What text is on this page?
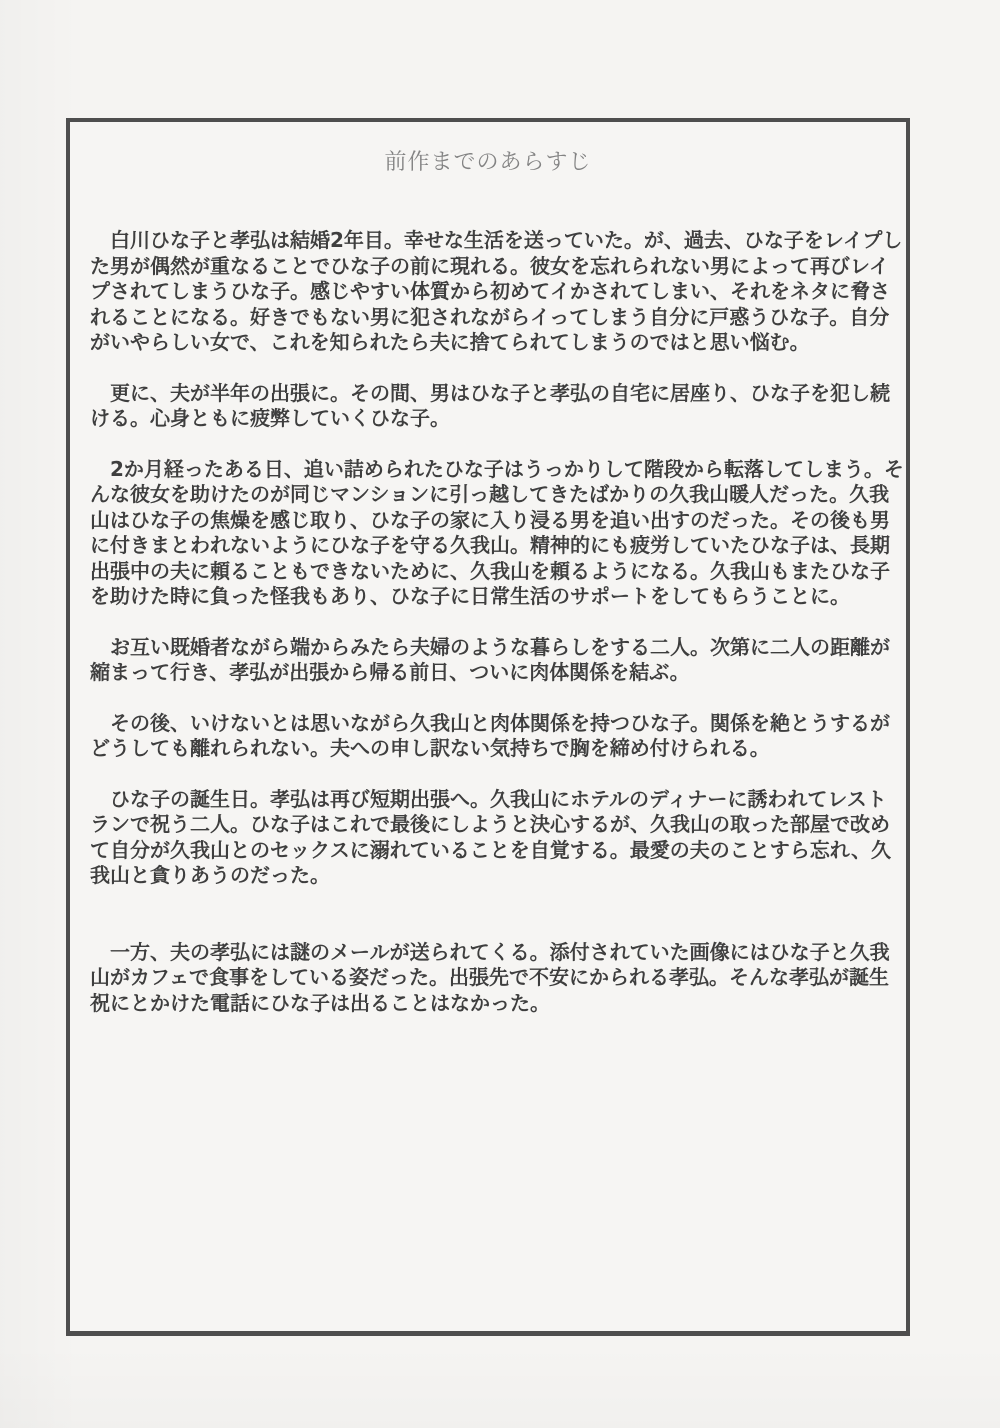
前作までのあらすじ

白川ひな子と孝弘は結婚2年目。幸せな生活を送っていた。が、過去、ひな子をレイプした男が偶然が重なることでひな子の前に現れる。彼女を忘れられない男によって再びレイプされてしまうひな子。感じやすい体質から初めてイかされてしまい、それをネタに脅されることになる。好きでもない男に犯されながらイってしまう自分に戸惑うひな子。自分がいやらしい女で、これを知られたら夫に捨てられてしまうのではと思い悩む。

更に、夫が半年の出張に。その間、男はひな子と孝弘の自宅に居座り、ひな子を犯し続ける。心身ともに疲弊していくひな子。

2か月経ったある日、追い詰められたひな子はうっかりして階段から転落してしまう。そんな彼女を助けたのが同じマンションに引っ越してきたばかりの久我山暖人だった。久我山はひな子の焦燥を感じ取り、ひな子の家に入り浸る男を追い出すのだった。その後も男に付きまとわれないようにひな子を守る久我山。精神的にも疲労していたひな子は、長期出張中の夫に頼ることもできないために、久我山を頼るようになる。久我山もまたひな子を助けた時に負った怪我もあり、ひな子に日常生活のサポートをしてもらうことに。

お互い既婚者ながら端からみたら夫婦のような暮らしをする二人。次第に二人の距離が縮まって行き、孝弘が出張から帰る前日、ついに肉体関係を結ぶ。

その後、いけないとは思いながら久我山と肉体関係を持つひな子。関係を絶とうするがどうしても離れられない。夫への申し訳ない気持ちで胸を締め付けられる。

ひな子の誕生日。孝弘は再び短期出張へ。久我山にホテルのディナーに誘われてレストランで祝う二人。ひな子はこれで最後にしようと決心するが、久我山の取った部屋で改めて自分が久我山とのセックスに溺れていることを自覚する。最愛の夫のことすら忘れ、久我山と貪りあうのだった。

一方、夫の孝弘には謎のメールが送られてくる。添付されていた画像にはひな子と久我山がカフェで食事をしている姿だった。出張先で不安にかられる孝弘。そんな孝弘が誕生祝にとかけた電話にひな子は出ることはなかった。
